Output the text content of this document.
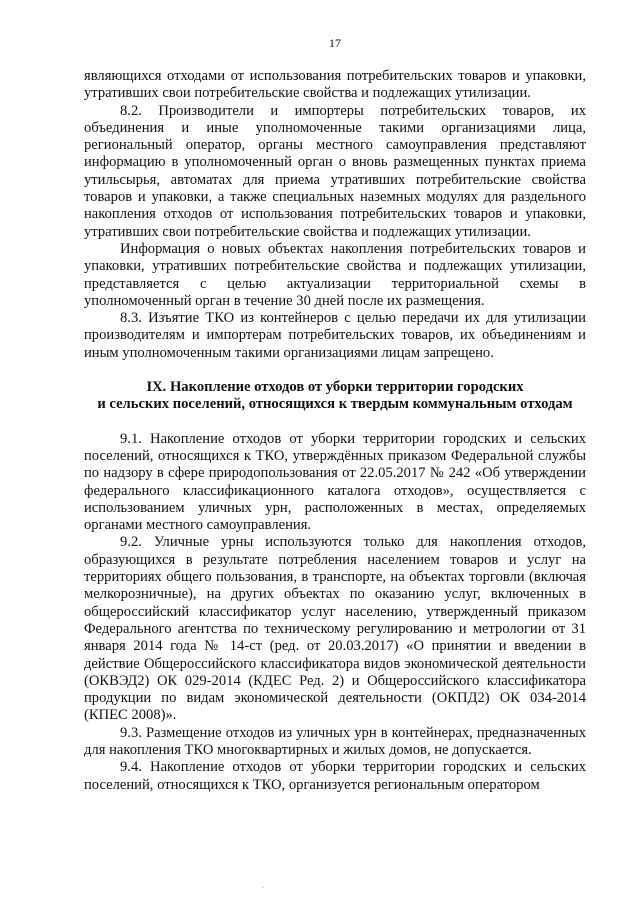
17

являющихся отходами от использования потребительских товаров и упаковки, утративших свои потребительские свойства и подлежащих утилизации.

8.2. Производители и импортеры потребительских товаров, их объединения и иные уполномоченные такими организациями лица, региональный оператор, органы местного самоуправления представляют информацию в уполномоченный орган о вновь размещенных пунктах приема утильсырья, автоматах для приема утративших потребительские свойства товаров и упаковки, а также специальных наземных модулях для раздельного накопления отходов от использования потребительских товаров и упаковки, утративших свои потребительские свойства и подлежащих утилизации.

Информация о новых объектах накопления потребительских товаров и упаковки, утративших потребительские свойства и подлежащих утилизации, представляется с целью актуализации территориальной схемы в уполномоченный орган в течение 30 дней после их размещения.

8.3. Изъятие ТКО из контейнеров с целью передачи их для утилизации производителям и импортерам потребительских товаров, их объединениям и иным уполномоченным такими организациями лицам запрещено.

IX. Накопление отходов от уборки территории городских
и сельских поселений, относящихся к твердым коммунальным отходам

9.1. Накопление отходов от уборки территории городских и сельских поселений, относящихся к ТКО, утверждённых приказом Федеральной службы по надзору в сфере природопользования от 22.05.2017 № 242 «Об утверждении федерального классификационного каталога отходов», осуществляется с использованием уличных урн, расположенных в местах, определяемых органами местного самоуправления.

9.2. Уличные урны используются только для накопления отходов, образующихся в результате потребления населением товаров и услуг на территориях общего пользования, в транспорте, на объектах торговли (включая мелкорозничные), на других объектах по оказанию услуг, включенных в общероссийский классификатор услуг населению, утвержденный приказом Федерального агентства по техническому регулированию и метрологии от 31 января 2014 года № 14-ст (ред. от 20.03.2017) «О принятии и введении в действие Общероссийского классификатора видов экономической деятельности (ОКВЭД2) ОК 029-2014 (КДЕС Ред. 2) и Общероссийского классификатора продукции по видам экономической деятельности (ОКПД2) ОК 034-2014 (КПЕС 2008)».

9.3. Размещение отходов из уличных урн в контейнерах, предназначенных для накопления ТКО многоквартирных и жилых домов, не допускается.

9.4. Накопление отходов от уборки территории городских и сельских поселений, относящихся к ТКО, организуется региональным оператором

.
